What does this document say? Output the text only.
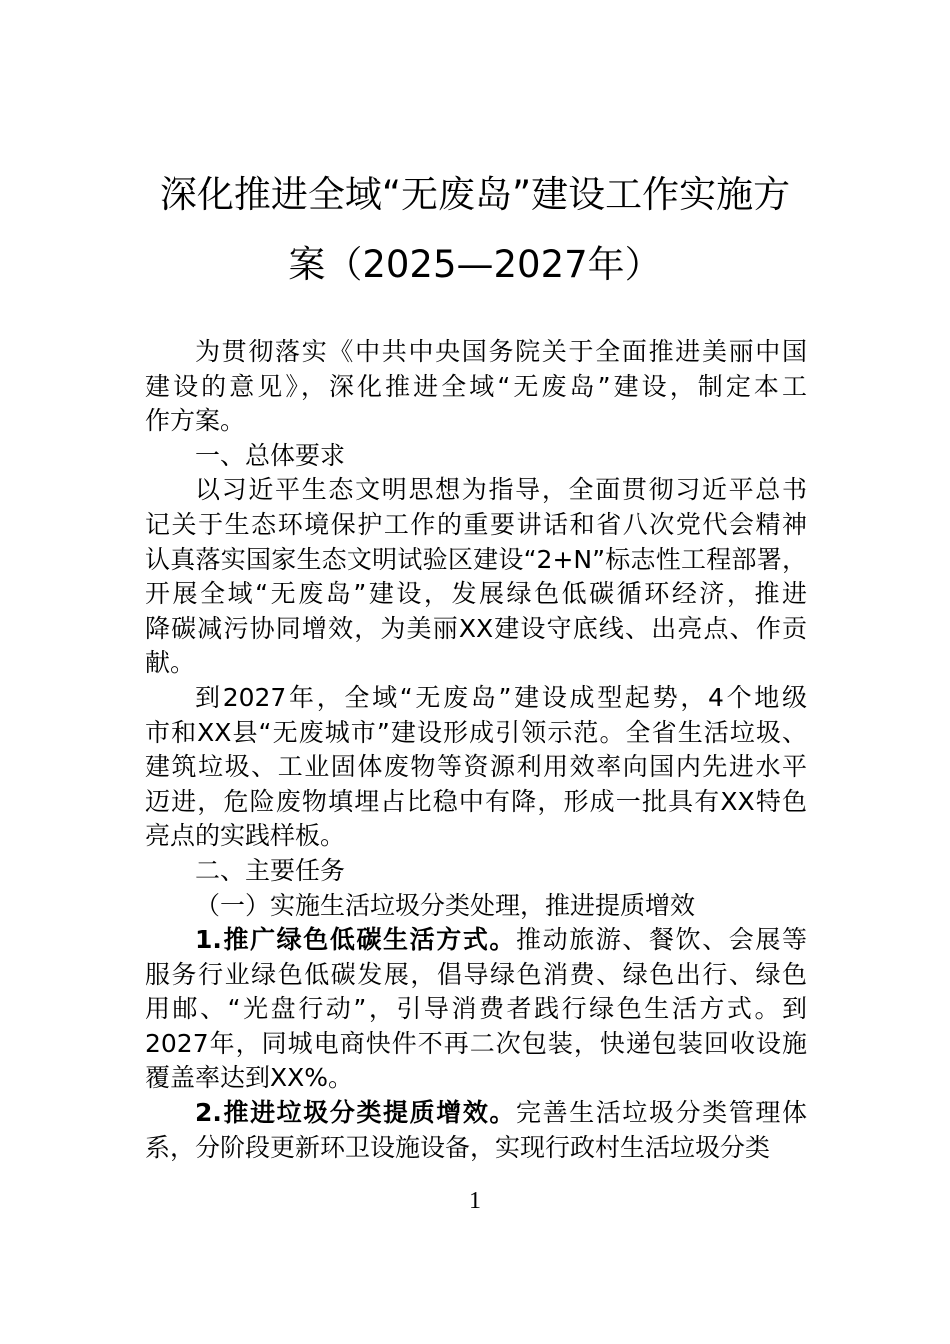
深化推进全域“无废岛”建设工作实施方
案（2025—2027年）
为贯彻落实《中共中央国务院关于全面推进美丽中国
建设的意见》，深化推进全域“无废岛”建设，制定本工
作方案。
一、总体要求
以习近平生态文明思想为指导，全面贯彻习近平总书
记关于生态环境保护工作的重要讲话和省八次党代会精神
认真落实国家生态文明试验区建设“2+N”标志性工程部署，
开展全域“无废岛”建设，发展绿色低碳循环经济，推进
降碳减污协同增效，为美丽XX建设守底线、出亮点、作贡
献。
到2027年，全域“无废岛”建设成型起势，4个地级
市和XX县“无废城市”建设形成引领示范。全省生活垃圾、
建筑垃圾、工业固体废物等资源利用效率向国内先进水平
迈进，危险废物填埋占比稳中有降，形成一批具有XX特色
亮点的实践样板。
二、主要任务
（一）实施生活垃圾分类处理，推进提质增效
1.推广绿色低碳生活方式。推动旅游、餐饮、会展等
服务行业绿色低碳发展，倡导绿色消费、绿色出行、绿色
用邮、“光盘行动”，引导消费者践行绿色生活方式。到
2027年，同城电商快件不再二次包装，快递包装回收设施
覆盖率达到XX%。
2.推进垃圾分类提质增效。完善生活垃圾分类管理体
系，分阶段更新环卫设施设备，实现行政村生活垃圾分类
1
